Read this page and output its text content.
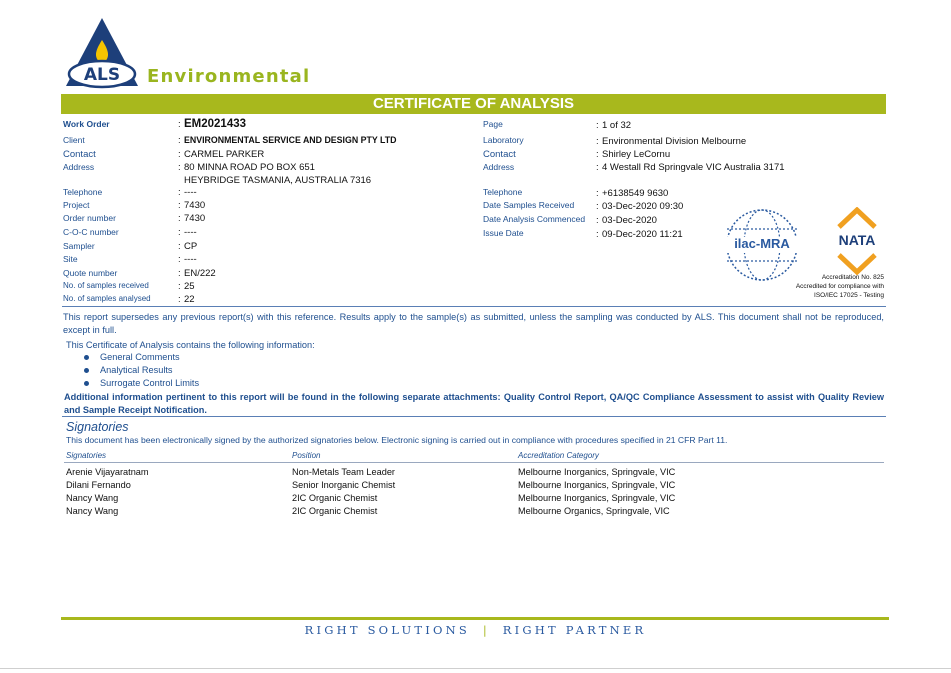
ALS	Environmental
CERTIFICATE OF ANALYSIS
Work Order	: EM2021433
Client	: ENVIRONMENTAL SERVICE AND DESIGN PTY LTD
Contact	: CARMEL PARKER
Address	: 80 MINNA ROAD PO BOX 651
HEYBRIDGE TASMANIA, AUSTRALIA 7316
Telephone	: ----
Project	: 7430
Order number	: 7430
C-O-C number	: ----
Sampler	: CP
Site	: ----
Quote number	: EN/222
No. of samples received	: 25
No. of samples analysed	: 22
Page	: 1 of 32
Laboratory	: Environmental Division Melbourne
Contact	: Shirley LeCornu
Address	: 4 Westall Rd Springvale VIC Australia 3171
Telephone	: +6138549 9630
Date Samples Received : 03-Dec-2020 09:30
Date Analysis Commenced : 03-Dec-2020
Issue Date	: 09-Dec-2020 11:21
ilac-MRA	NATA
Accreditation No. 825
Accredited for compliance with
ISO/IEC 17025 - Testing
This report supersedes any previous report(s) with this reference. Results apply to the sample(s) as submitted, unless the sampling was conducted by ALS. This document shall not be reproduced, except in full.
This Certificate of Analysis contains the following information:
General Comments
Analytical Results
Surrogate Control Limits
Additional information pertinent to this report will be found in the following separate attachments: Quality Control Report, QA/QC Compliance Assessment to assist with Quality Review and Sample Receipt Notification.
Signatories
This document has been electronically signed by the authorized signatories below. Electronic signing is carried out in compliance with procedures specified in 21 CFR Part 11.
Signatories	Position	Accreditation Category
Arenie Vijayaratnam	Non-Metals Team Leader	Melbourne Inorganics, Springvale, VIC
Dilani Fernando	Senior Inorganic Chemist	Melbourne Inorganics, Springvale, VIC
Nancy Wang	2IC Organic Chemist	Melbourne Inorganics, Springvale, VIC
Nancy Wang	2IC Organic Chemist	Melbourne Organics, Springvale, VIC
RIGHT SOLUTIONS | RIGHT PARTNER
